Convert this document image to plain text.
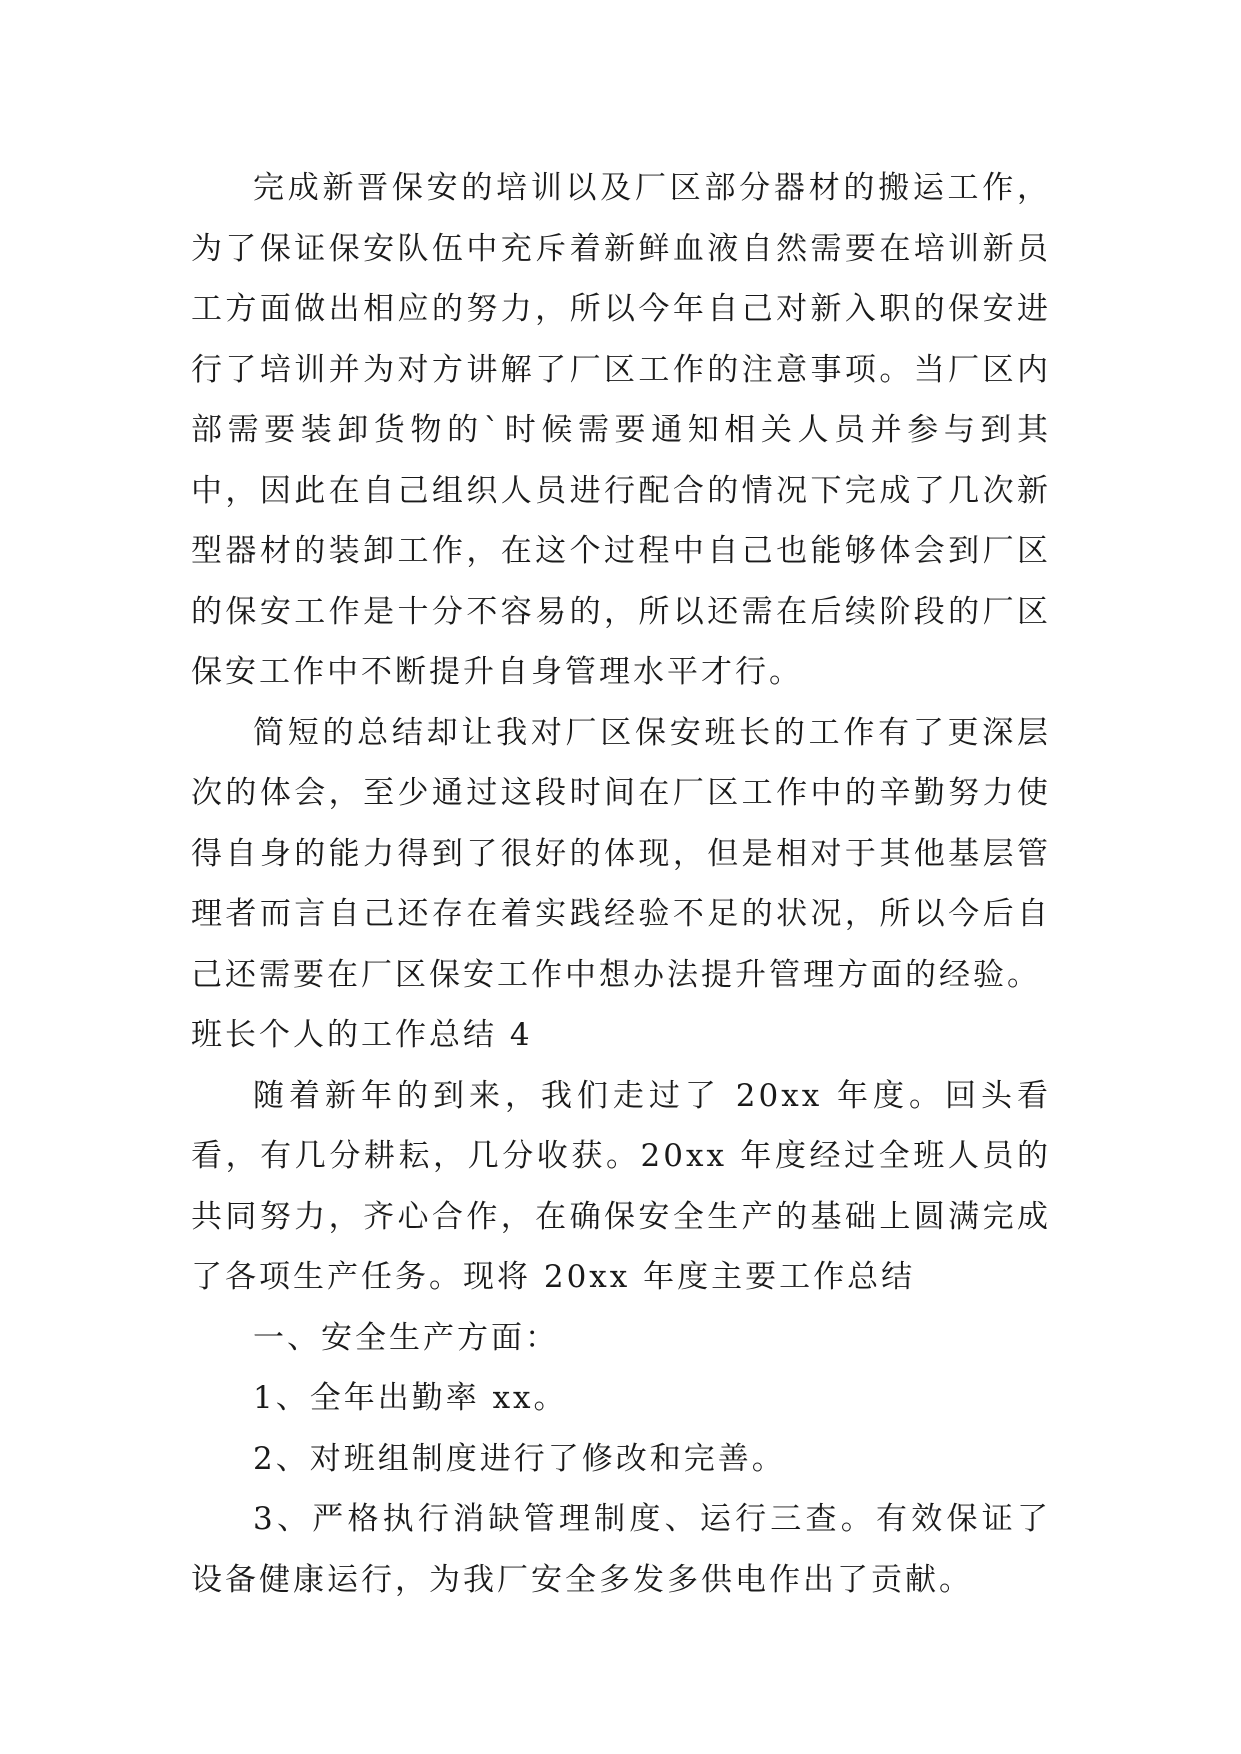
完成新晋保安的培训以及厂区部分器材的搬运工作，为了保证保安队伍中充斥着新鲜血液自然需要在培训新员工方面做出相应的努力，所以今年自己对新入职的保安进行了培训并为对方讲解了厂区工作的注意事项。当厂区内部需要装卸货物的`时候需要通知相关人员并参与到其中，因此在自己组织人员进行配合的情况下完成了几次新型器材的装卸工作，在这个过程中自己也能够体会到厂区的保安工作是十分不容易的，所以还需在后续阶段的厂区保安工作中不断提升自身管理水平才行。

简短的总结却让我对厂区保安班长的工作有了更深层次的体会，至少通过这段时间在厂区工作中的辛勤努力使得自身的能力得到了很好的体现，但是相对于其他基层管理者而言自己还存在着实践经验不足的状况，所以今后自己还需要在厂区保安工作中想办法提升管理方面的经验。

班长个人的工作总结 4

随着新年的到来，我们走过了 20xx 年度。回头看看，有几分耕耘，几分收获。20xx 年度经过全班人员的共同努力，齐心合作，在确保安全生产的基础上圆满完成了各项生产任务。现将 20xx 年度主要工作总结

一、安全生产方面：

1、全年出勤率 xx。

2、对班组制度进行了修改和完善。

3、严格执行消缺管理制度、运行三查。有效保证了设备健康运行，为我厂安全多发多供电作出了贡献。
